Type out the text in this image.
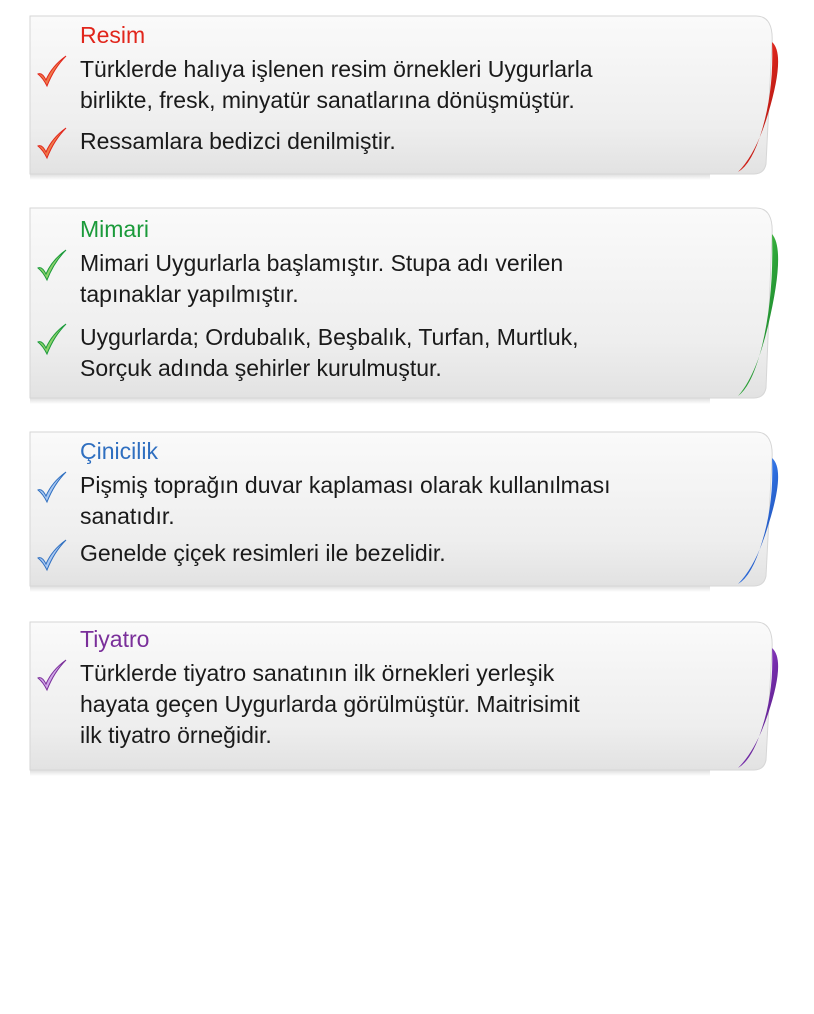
Resim
Türklerde halıya işlenen resim örnekleri Uygurlarla
birlikte, fresk, minyatür sanatlarına dönüşmüştür.
Ressamlara bedizci denilmiştir.
Mimari
Mimari Uygurlarla başlamıştır. Stupa adı verilen
tapınaklar yapılmıştır.
Uygurlarda; Ordubalık, Beşbalık, Turfan, Murtluk,
Sorçuk adında şehirler kurulmuştur.
Çinicilik
Pişmiş toprağın duvar kaplaması olarak kullanılması
sanatıdır.
Genelde çiçek resimleri ile bezelidir.
Tiyatro
Türklerde tiyatro sanatının ilk örnekleri yerleşik
hayata geçen Uygurlarda görülmüştür. Maitrisimit
ilk tiyatro örneğidir.
